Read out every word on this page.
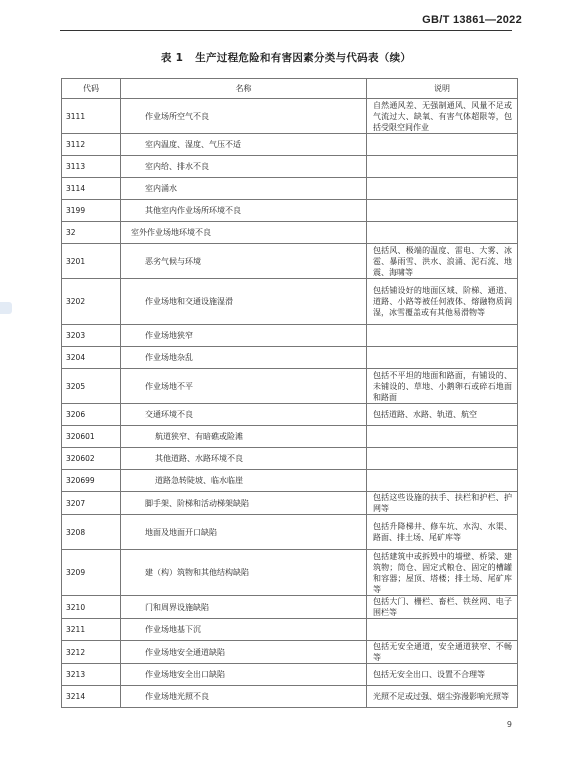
GB/T 13861—2022
表 1 生产过程危险和有害因素分类与代码表（续）
代码	名称	说明
3111	作业场所空气不良	自然通风差、无强制通风、风量不足或气流过大、缺氧、有害气体超限等，包括受限空间作业
3112	室内温度、湿度、气压不适	
3113	室内给、排水不良	
3114	室内涌水	
3199	其他室内作业场所环境不良	
32	室外作业场地环境不良	
3201	恶劣气候与环境	包括风、极端的温度、雷电、大雾、冰雹、暴雨雪、洪水、浪涌、泥石流、地震、海啸等
3202	作业场地和交通设施湿滑	包括铺设好的地面区域、阶梯、通道、道路、小路等被任何液体、熔融物质润湿，冰雪覆盖或有其他易滑物等
3203	作业场地狭窄	
3204	作业场地杂乱	
3205	作业场地不平	包括不平坦的地面和路面，有铺设的、未铺设的、草地、小鹅卵石或碎石地面和路面
3206	交通环境不良	包括道路、水路、轨道、航空
320601	航道狭窄、有暗礁或险滩	
320602	其他道路、水路环境不良	
320699	道路急转陡坡、临水临崖	
3207	脚手架、阶梯和活动梯架缺陷	包括这些设施的扶手、扶栏和护栏、护网等
3208	地面及地面开口缺陷	包括升降梯井、修车坑、水沟、水渠、路面、排土场、尾矿库等
3209	建（构）筑物和其他结构缺陷	包括建筑中或拆毁中的墙壁、桥梁、建筑物；筒仓、固定式粮仓、固定的槽罐和容器；屋顶、塔楼；排土场、尾矿库等
3210	门和周界设施缺陷	包括大门、栅栏、畜栏、铁丝网、电子围栏等
3211	作业场地基下沉	
3212	作业场地安全通道缺陷	包括无安全通道，安全通道狭窄、不畅等
3213	作业场地安全出口缺陷	包括无安全出口、设置不合理等
3214	作业场地光照不良	光照不足或过强、烟尘弥漫影响光照等
9
